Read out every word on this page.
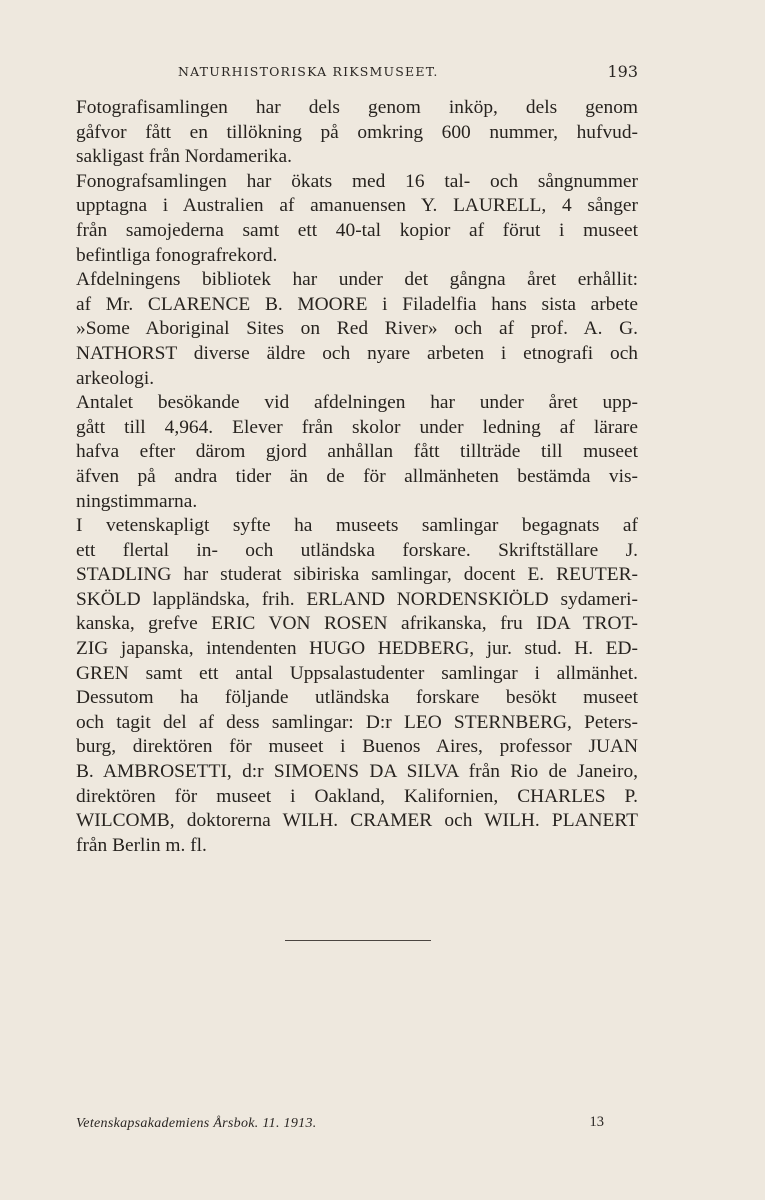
NATURHISTORISKA RIKSMUSEET.	193

Fotografisamlingen har dels genom inköp, dels genom
gåfvor fått en tillökning på omkring 600 nummer, hufvud-
sakligast från Nordamerika.

Fonografsamlingen har ökats med 16 tal- och sångnummer
upptagna i Australien af amanuensen Y. LAURELL, 4 sånger
från samojederna samt ett 40-tal kopior af förut i museet
befintliga fonografrekord.

Afdelningens bibliotek har under det gångna året erhållit:
af Mr. CLARENCE B. MOORE i Filadelfia hans sista arbete
»Some Aboriginal Sites on Red River» och af prof. A. G.
NATHORST diverse äldre och nyare arbeten i etnografi och
arkeologi.

Antalet besökande vid afdelningen har under året upp-
gått till 4,964. Elever från skolor under ledning af lärare
hafva efter därom gjord anhållan fått tillträde till museet
äfven på andra tider än de för allmänheten bestämda vis-
ningstimmarna.

I vetenskapligt syfte ha museets samlingar begagnats af
ett flertal in- och utländska forskare. Skriftställare J.
STADLING har studerat sibiriska samlingar, docent E. REUTER-
SKÖLD lappländska, frih. ERLAND NORDENSKIÖLD sydameri-
kanska, grefve ERIC VON ROSEN afrikanska, fru IDA TROT-
ZIG japanska, intendenten HUGO HEDBERG, jur. stud. H. ED-
GREN samt ett antal Uppsalastudenter samlingar i allmänhet.
Dessutom ha följande utländska forskare besökt museet
och tagit del af dess samlingar: D:r LEO STERNBERG, Peters-
burg, direktören för museet i Buenos Aires, professor JUAN
B. AMBROSETTI, d:r SIMOENS DA SILVA från Rio de Janeiro,
direktören för museet i Oakland, Kalifornien, CHARLES P.
WILCOMB, doktorerna WILH. CRAMER och WILH. PLANERT
från Berlin m. fl.

Vetenskapsakademiens Årsbok. 11. 1913.	13
